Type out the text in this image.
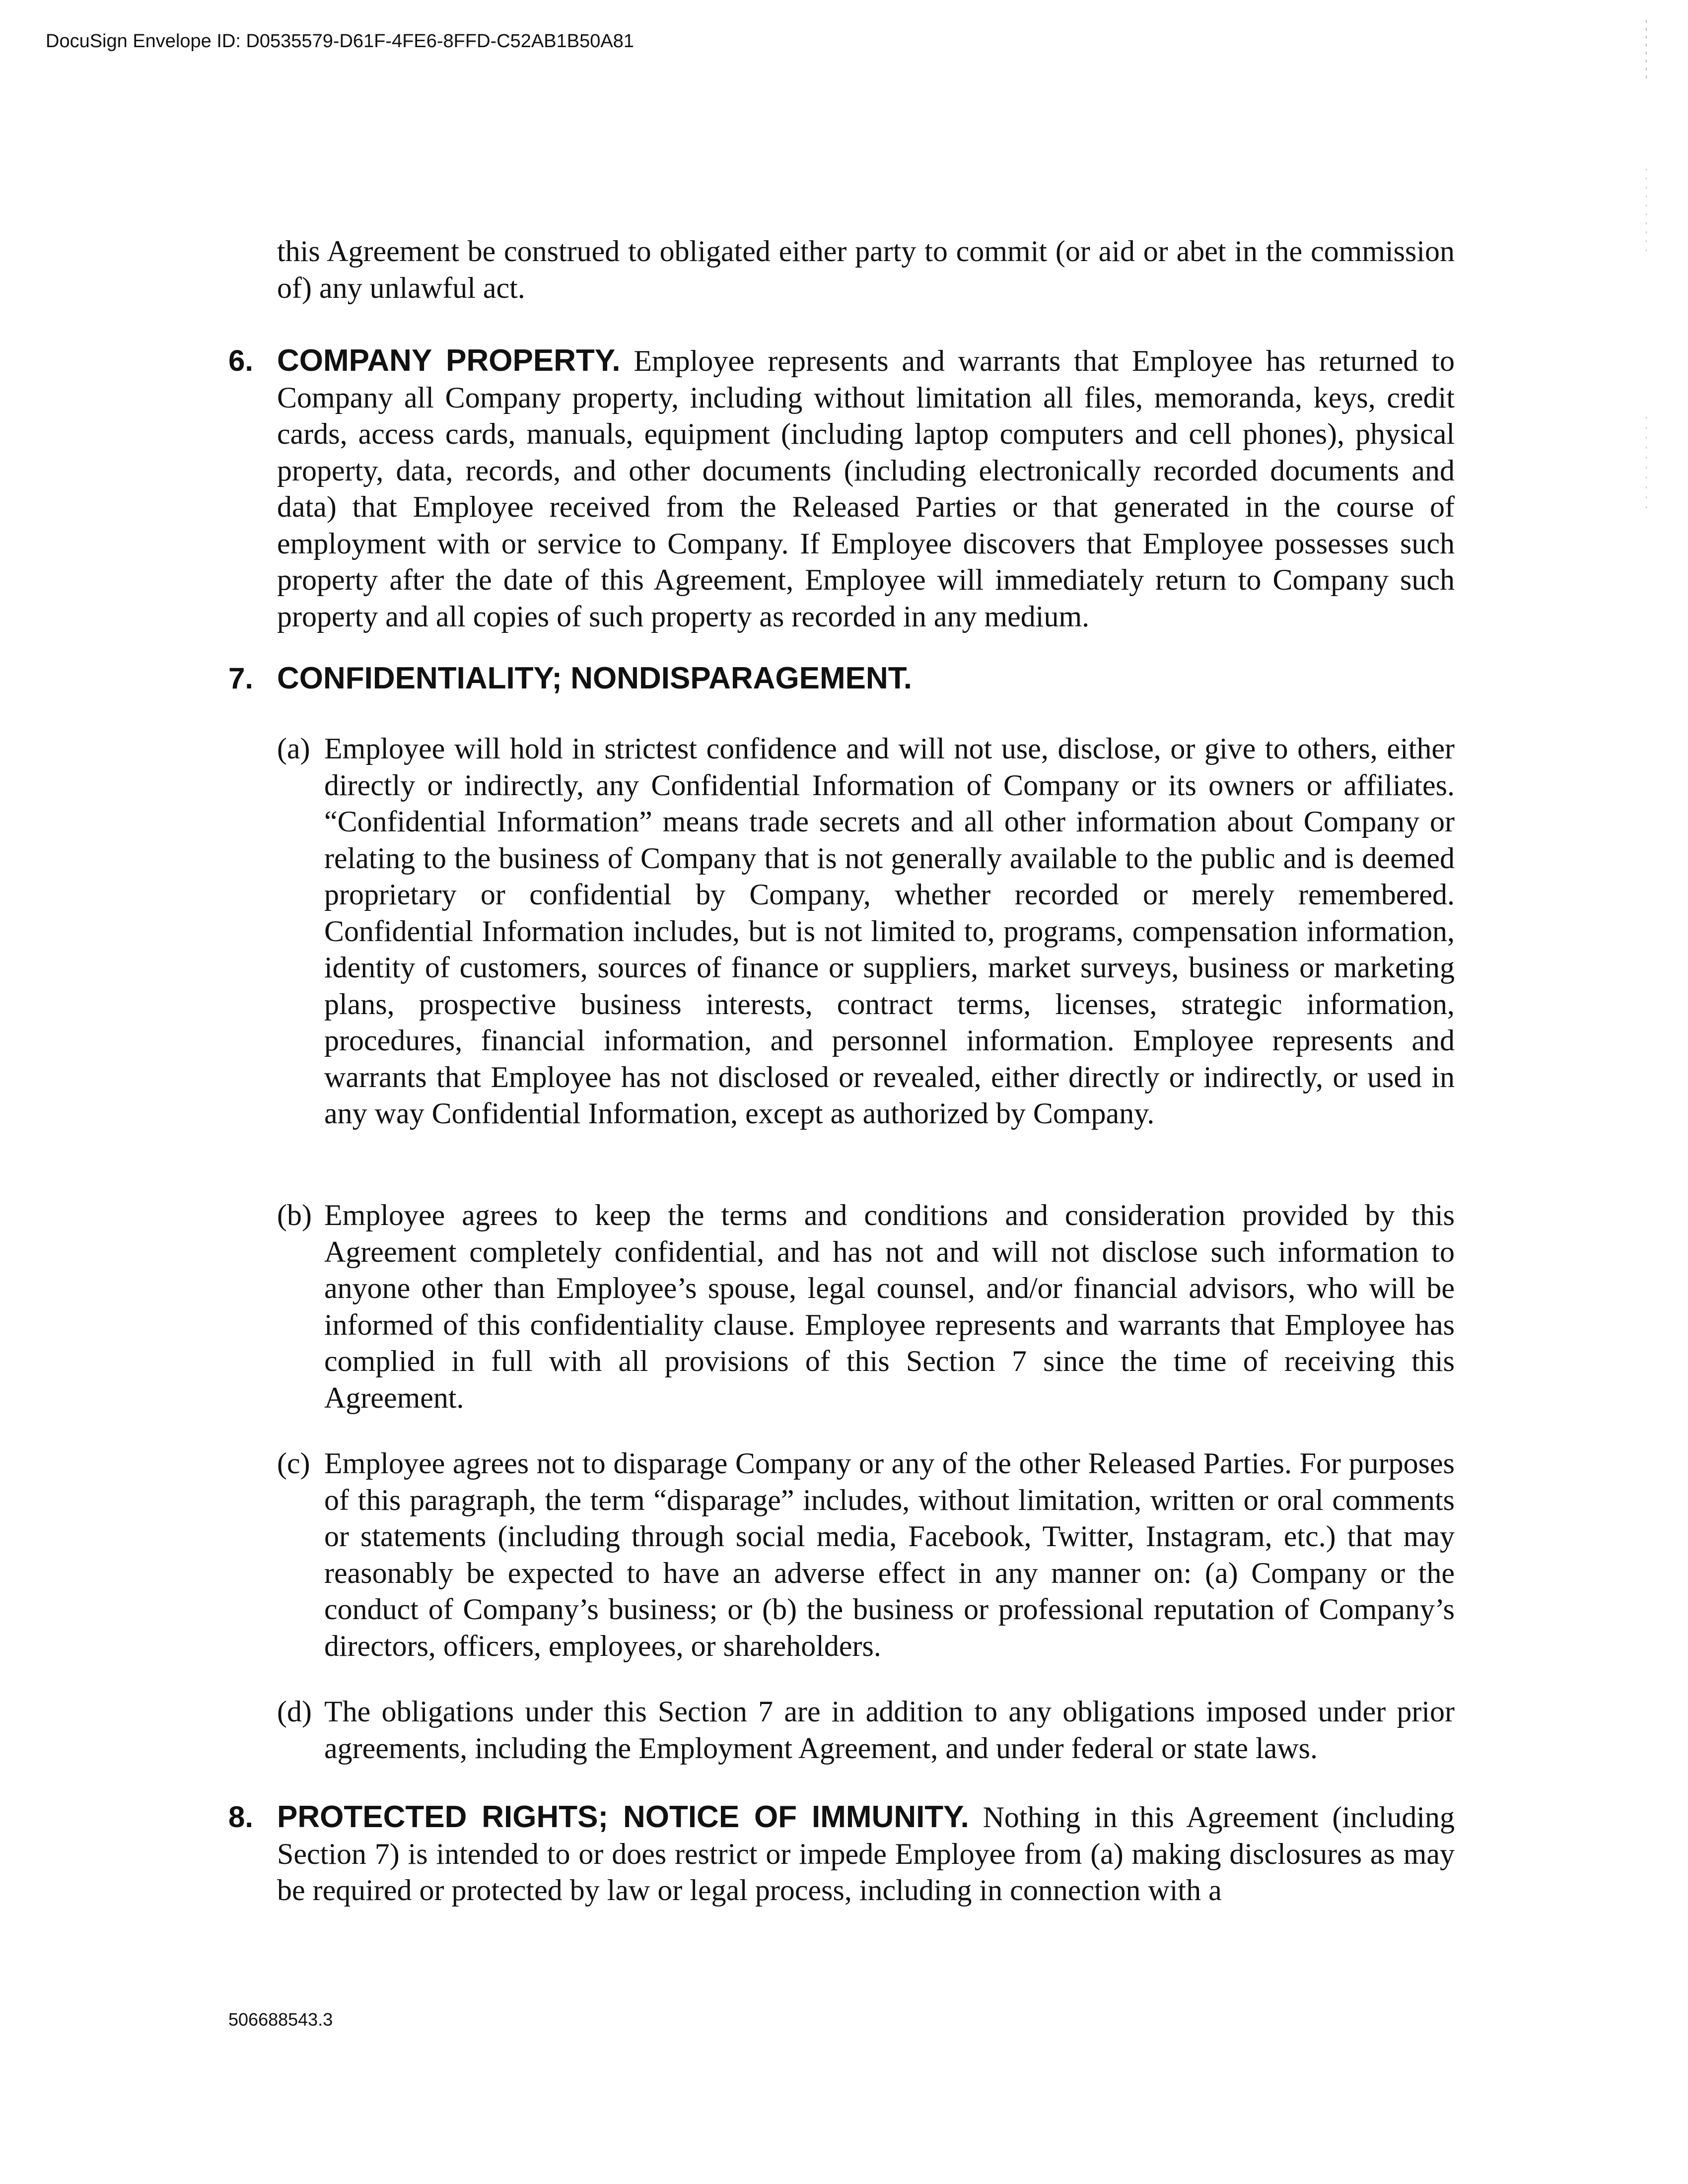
DocuSign Envelope ID: D0535579-D61F-4FE6-8FFD-C52AB1B50A81
this Agreement be construed to obligated either party to commit (or aid or abet in the commission of) any unlawful act.
6. COMPANY PROPERTY. Employee represents and warrants that Employee has returned to Company all Company property, including without limitation all files, memoranda, keys, credit cards, access cards, manuals, equipment (including laptop computers and cell phones), physical property, data, records, and other documents (including electronically recorded documents and data) that Employee received from the Released Parties or that generated in the course of employment with or service to Company. If Employee discovers that Employee possesses such property after the date of this Agreement, Employee will immediately return to Company such property and all copies of such property as recorded in any medium.
7. CONFIDENTIALITY; NONDISPARAGEMENT.
(a) Employee will hold in strictest confidence and will not use, disclose, or give to others, either directly or indirectly, any Confidential Information of Company or its owners or affiliates. “Confidential Information” means trade secrets and all other information about Company or relating to the business of Company that is not generally available to the public and is deemed proprietary or confidential by Company, whether recorded or merely remembered. Confidential Information includes, but is not limited to, programs, compensation information, identity of customers, sources of finance or suppliers, market surveys, business or marketing plans, prospective business interests, contract terms, licenses, strategic information, procedures, financial information, and personnel information. Employee represents and warrants that Employee has not disclosed or revealed, either directly or indirectly, or used in any way Confidential Information, except as authorized by Company.
(b) Employee agrees to keep the terms and conditions and consideration provided by this Agreement completely confidential, and has not and will not disclose such information to anyone other than Employee’s spouse, legal counsel, and/or financial advisors, who will be informed of this confidentiality clause. Employee represents and warrants that Employee has complied in full with all provisions of this Section 7 since the time of receiving this Agreement.
(c) Employee agrees not to disparage Company or any of the other Released Parties. For purposes of this paragraph, the term “disparage” includes, without limitation, written or oral comments or statements (including through social media, Facebook, Twitter, Instagram, etc.) that may reasonably be expected to have an adverse effect in any manner on: (a) Company or the conduct of Company’s business; or (b) the business or professional reputation of Company’s directors, officers, employees, or shareholders.
(d) The obligations under this Section 7 are in addition to any obligations imposed under prior agreements, including the Employment Agreement, and under federal or state laws.
8. PROTECTED RIGHTS; NOTICE OF IMMUNITY. Nothing in this Agreement (including Section 7) is intended to or does restrict or impede Employee from (a) making disclosures as may be required or protected by law or legal process, including in connection with a
506688543.3
